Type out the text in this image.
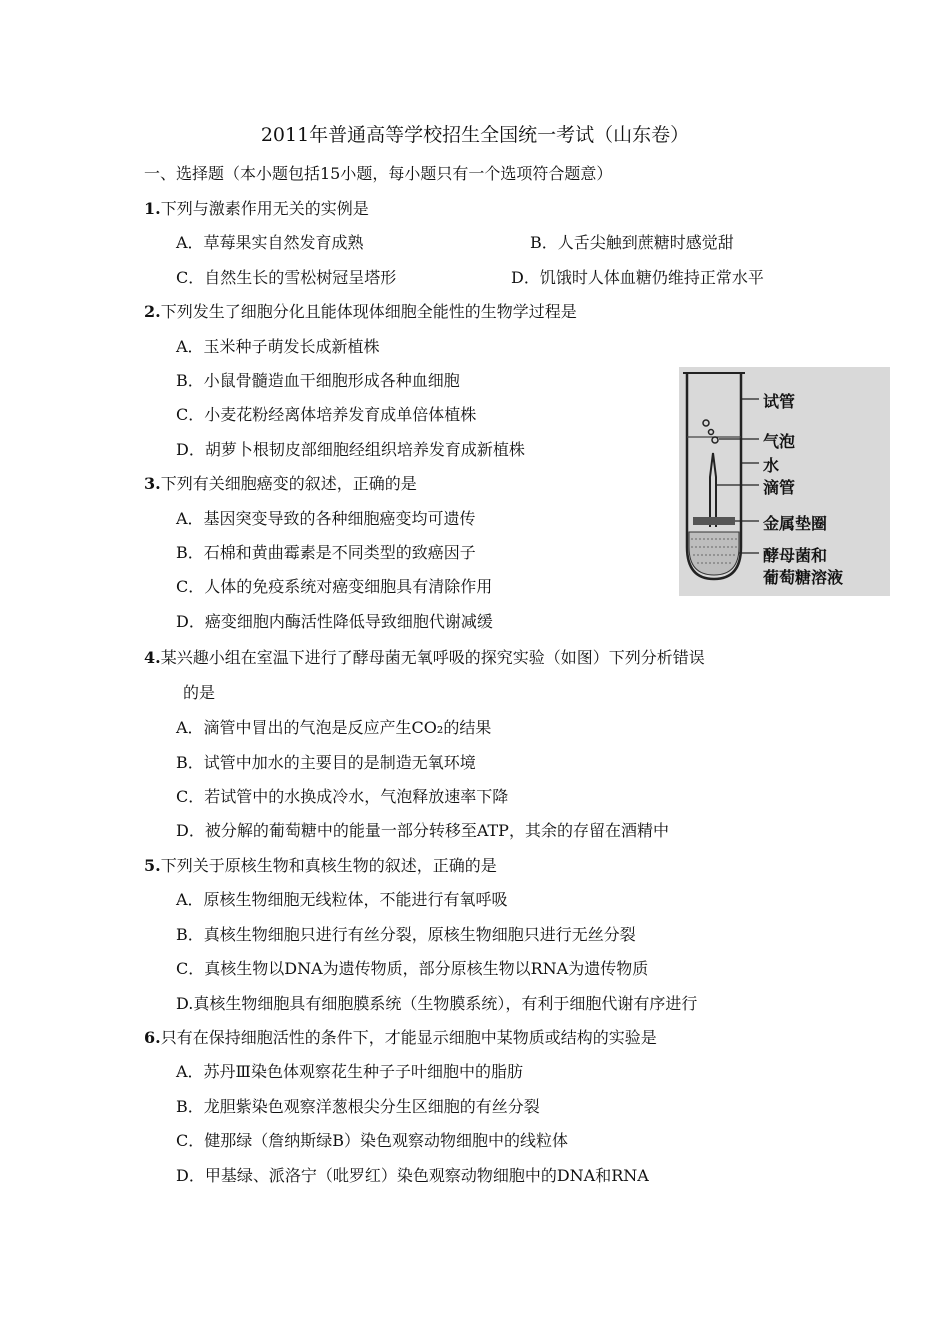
2011年普通高等学校招生全国统一考试（山东卷）
一、选择题（本小题包括15小题，每小题只有一个选项符合题意）
1.下列与激素作用无关的实例是
A．草莓果实自然发育成熟	B．人舌尖触到蔗糖时感觉甜
C．自然生长的雪松树冠呈塔形	D．饥饿时人体血糖仍维持正常水平
2.下列发生了细胞分化且能体现体细胞全能性的生物学过程是
A．玉米种子萌发长成新植株
B．小鼠骨髓造血干细胞形成各种血细胞
C．小麦花粉经离体培养发育成单倍体植株
D．胡萝卜根韧皮部细胞经组织培养发育成新植株
3.下列有关细胞癌变的叙述，正确的是
A．基因突变导致的各种细胞癌变均可遗传
B．石棉和黄曲霉素是不同类型的致癌因子
C．人体的免疫系统对癌变细胞具有清除作用
D．癌变细胞内酶活性降低导致细胞代谢减缓
4.某兴趣小组在室温下进行了酵母菌无氧呼吸的探究实验（如图）下列分析错误
的是
A．滴管中冒出的气泡是反应产生CO₂的结果
B．试管中加水的主要目的是制造无氧环境
C．若试管中的水换成冷水，气泡释放速率下降
D．被分解的葡萄糖中的能量一部分转移至ATP，其余的存留在酒精中
5.下列关于原核生物和真核生物的叙述，正确的是
A．原核生物细胞无线粒体，不能进行有氧呼吸
B．真核生物细胞只进行有丝分裂，原核生物细胞只进行无丝分裂
C．真核生物以DNA为遗传物质，部分原核生物以RNA为遗传物质
D.真核生物细胞具有细胞膜系统（生物膜系统），有利于细胞代谢有序进行
6.只有在保持细胞活性的条件下，才能显示细胞中某物质或结构的实验是
A．苏丹Ⅲ染色体观察花生种子子叶细胞中的脂肪
B．龙胆紫染色观察洋葱根尖分生区细胞的有丝分裂
C．健那绿（詹纳斯绿B）染色观察动物细胞中的线粒体
D．甲基绿、派洛宁（吡罗红）染色观察动物细胞中的DNA和RNA
试管
气泡
水
滴管
金属垫圈
酵母菌和
葡萄糖溶液
